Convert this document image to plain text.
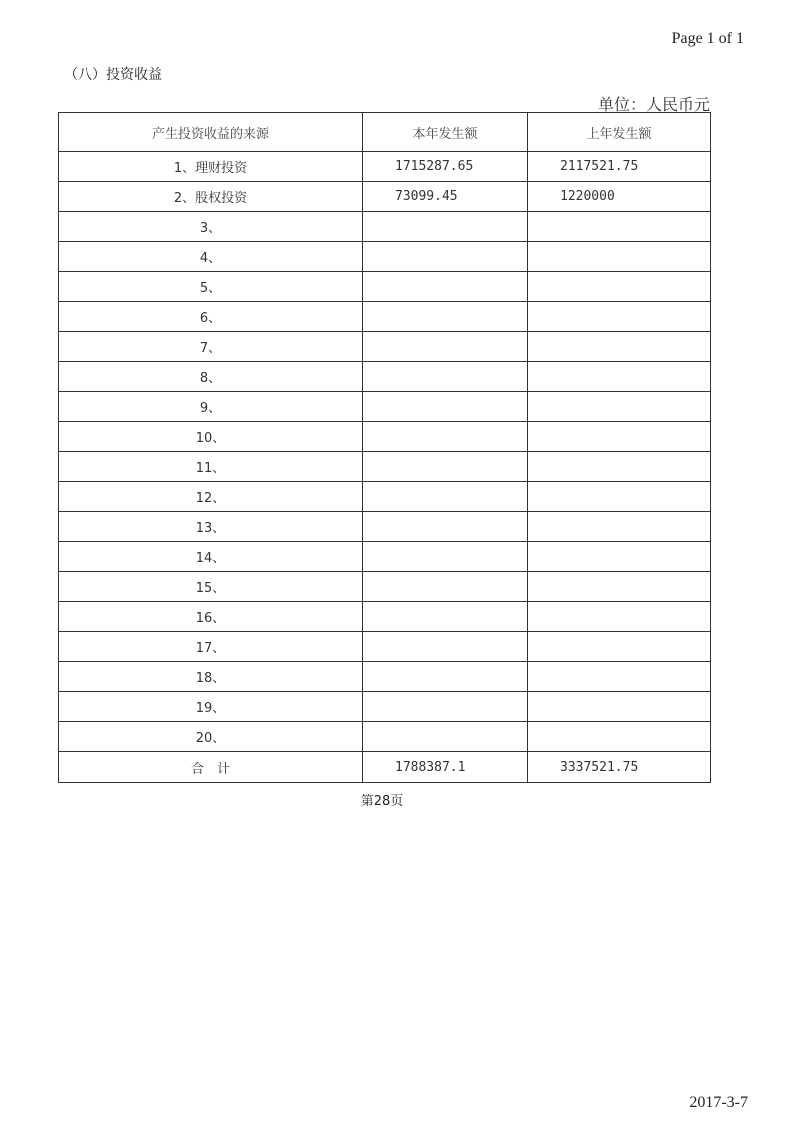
Page 1 of 1
（八）投资收益
单位：人民币元
产生投资收益的来源	本年发生额	上年发生额
1、理财投资	1715287.65	2117521.75
2、股权投资	73099.45	1220000
3、		
4、		
5、		
6、		
7、		
8、		
9、		
10、		
11、		
12、		
13、		
14、		
15、		
16、		
17、		
18、		
19、		
20、		
合　计	1788387.1	3337521.75
第28页
2017-3-7
